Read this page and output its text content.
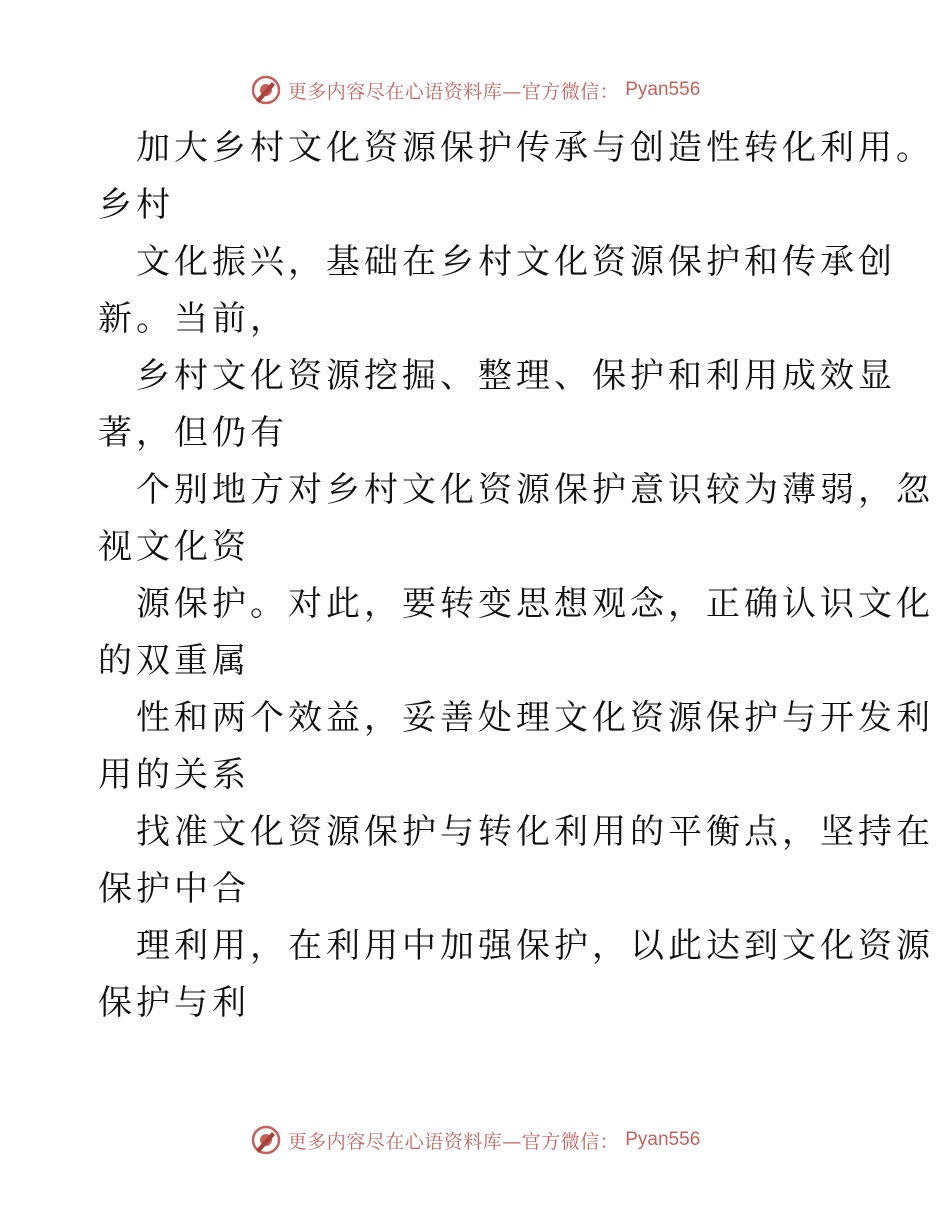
更多内容尽在心语资料库—官方微信： Pyan556
加大乡村文化资源保护传承与创造性转化利用。
乡村
文化振兴，基础在乡村文化资源保护和传承创
新。当前，
乡村文化资源挖掘、整理、保护和利用成效显
著，但仍有
个别地方对乡村文化资源保护意识较为薄弱，忽
视文化资
源保护。对此，要转变思想观念，正确认识文化
的双重属
性和两个效益，妥善处理文化资源保护与开发利
用的关系
找准文化资源保护与转化利用的平衡点，坚持在
保护中合
理利用，在利用中加强保护，以此达到文化资源
保护与利
更多内容尽在心语资料库—官方微信： Pyan556
